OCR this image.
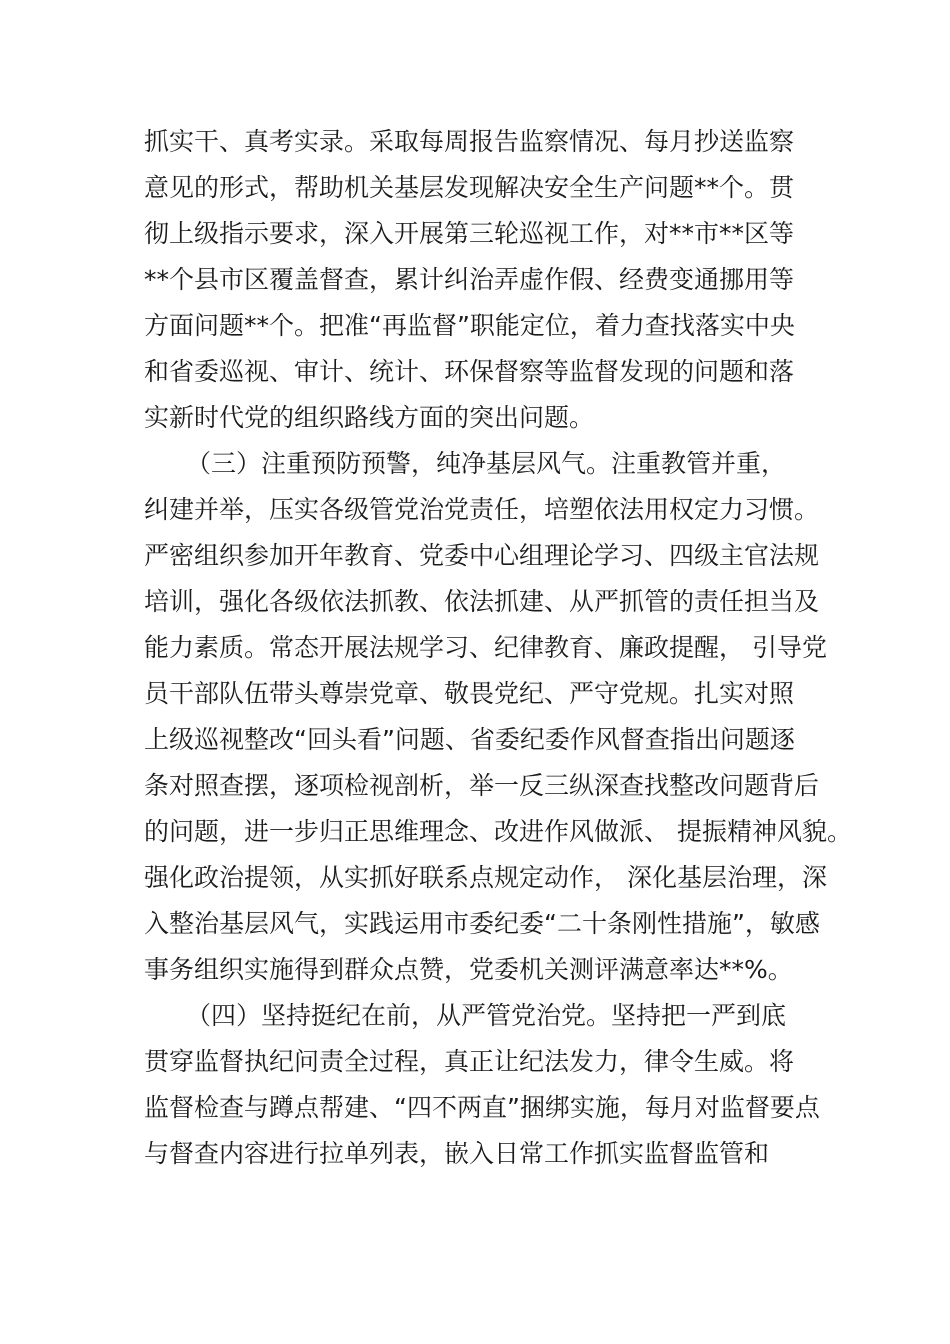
抓实干、真考实录。采取每周报告监察情况、每月抄送监察
意见的形式，帮助机关基层发现解决安全生产问题**个。贯
彻上级指示要求，深入开展第三轮巡视工作，对**市**区等
**个县市区覆盖督查，累计纠治弄虚作假、经费变通挪用等
方面问题**个。把准“再监督”职能定位，着力查找落实中央
和省委巡视、审计、统计、环保督察等监督发现的问题和落
实新时代党的组织路线方面的突出问题。
（三）注重预防预警，纯净基层风气。注重教管并重，
纠建并举，压实各级管党治党责任，培塑依法用权定力习惯。
严密组织参加开年教育、党委中心组理论学习、四级主官法规
培训，强化各级依法抓教、依法抓建、从严抓管的责任担当及
能力素质。常态开展法规学习、纪律教育、廉政提醒， 引导党
员干部队伍带头尊崇党章、敬畏党纪、严守党规。扎实对照
上级巡视整改“回头看”问题、省委纪委作风督查指出问题逐
条对照查摆，逐项检视剖析，举一反三纵深查找整改问题背后
的问题，进一步归正思维理念、改进作风做派、 提振精神风貌。
强化政治提领，从实抓好联系点规定动作， 深化基层治理，深
入整治基层风气，实践运用市委纪委“二十条刚性措施”，敏感
事务组织实施得到群众点赞，党委机关测评满意率达**%。
（四）坚持挺纪在前，从严管党治党。坚持把一严到底
贯穿监督执纪问责全过程，真正让纪法发力，律令生威。将
监督检查与蹲点帮建、“四不两直”捆绑实施，每月对监督要点
与督查内容进行拉单列表，嵌入日常工作抓实监督监管和
